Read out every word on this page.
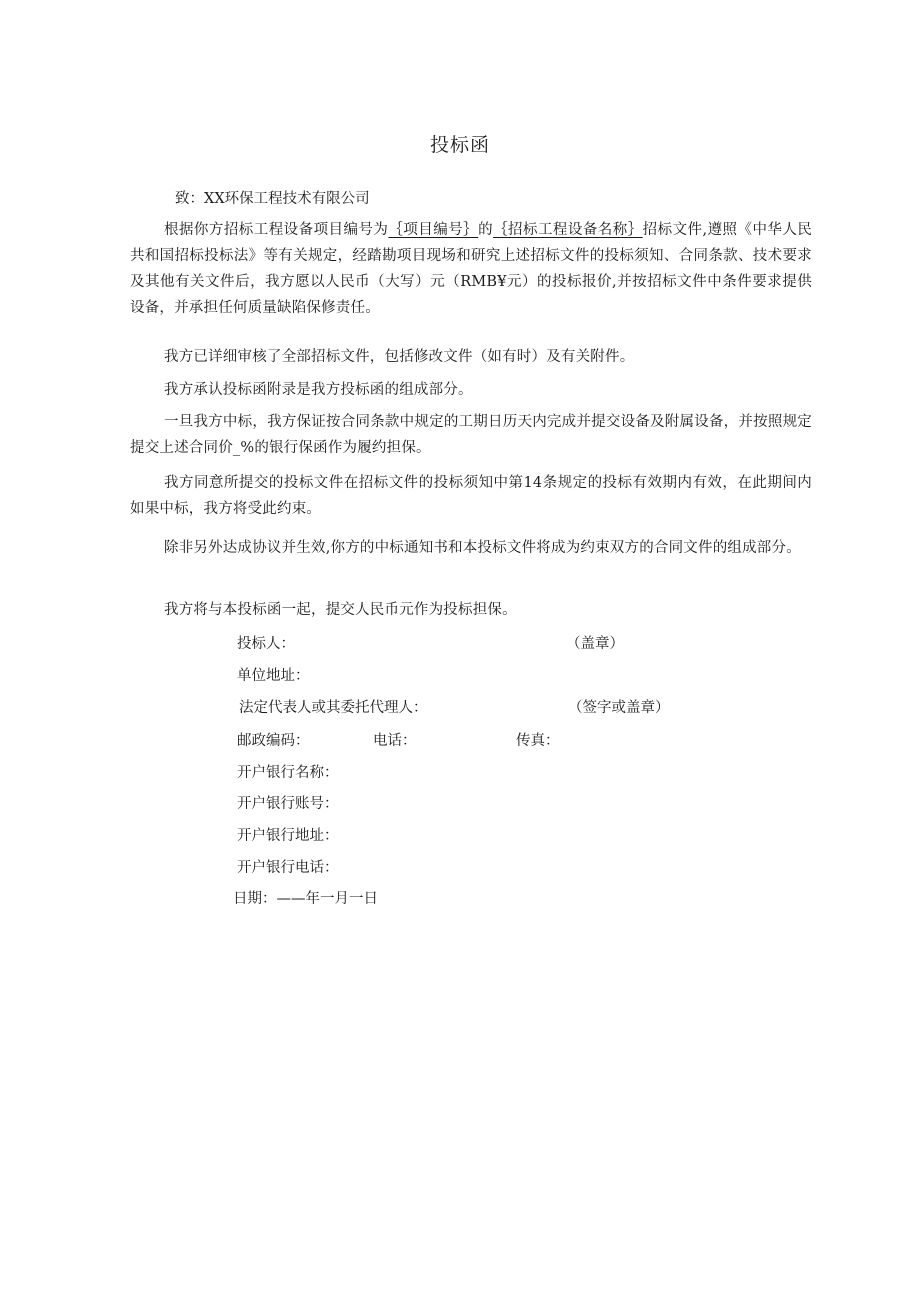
投标函
致：XX环保工程技术有限公司
根据你方招标工程设备项目编号为｛项目编号｝的｛招标工程设备名称｝招标文件,遵照《中华人民共和国招标投标法》等有关规定，经踏勘项目现场和研究上述招标文件的投标须知、合同条款、技术要求及其他有关文件后，我方愿以人民币（大写）元（RMB¥元）的投标报价,并按招标文件中条件要求提供设备，并承担任何质量缺陷保修责任。
我方已详细审核了全部招标文件，包括修改文件（如有时）及有关附件。
我方承认投标函附录是我方投标函的组成部分。
一旦我方中标，我方保证按合同条款中规定的工期日历天内完成并提交设备及附属设备，并按照规定提交上述合同价_%的银行保函作为履约担保。
我方同意所提交的投标文件在招标文件的投标须知中第14条规定的投标有效期内有效，在此期间内如果中标，我方将受此约束。
除非另外达成协议并生效,你方的中标通知书和本投标文件将成为约束双方的合同文件的组成部分。
我方将与本投标函一起，提交人民币元作为投标担保。
投标人：	（盖章）
单位地址：
法定代表人或其委托代理人：	（签字或盖章）
邮政编码：	电话：	传真：
开户银行名称：
开户银行账号：
开户银行地址：
开户银行电话：
日期：——年一月一日
